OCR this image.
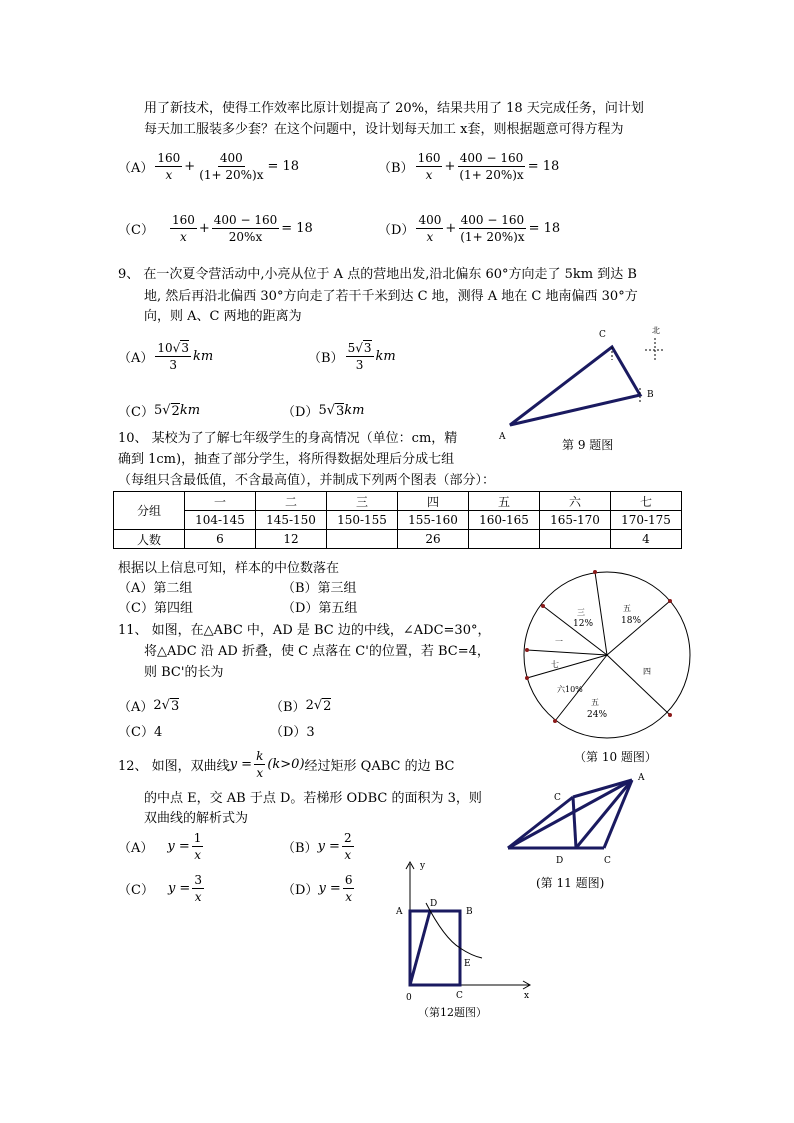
用了新技术，使得工作效率比原计划提高了 20%，结果共用了 18 天完成任务，问计划
每天加工服装多少套？在这个问题中，设计划每天加工 x套，则根据题意可得方程为
$(A) \frac{160}{x} + \frac{400}{(1+ 20\%)x} = 18$	$(B) \frac{160}{x} + \frac{400 - 160}{(1+ 20\%)x} = 18$
$(C) \frac{160}{x} + \frac{400 - 160}{20\%x} = 18$	$(D) \frac{400}{x} + \frac{400 - 160}{(1+ 20\%)x} = 18$
9、 在一次夏令营活动中,小亮从位于 A 点的营地出发,沿北偏东 60°方向走了 5km 到达 B
地, 然后再沿北偏西 30°方向走了若干千米到达 C 地，测得 A 地在 C 地南偏西 30°方
向，则 A、C 两地的距离为
$(A) \frac{10√3}{3}$ km	$(B) \frac{5√3}{3}$ km
（C） 5 √ 2 km	（D） 5 √ 3 km
C
B
A
北
第 9 题图
10、 某校为了了解七年级学生的身高情况（单位：cm，精
确到 1cm)，抽查了部分学生，将所得数据处理后分成七组
（每组只含最低值，不含最高值），并制成下列两个图表（部分）：
分组	一	二	三	四	五	六	七
	104-145	145-150	150-155	155-160	160-165	165-170	170-175
人数	6	12		26			4
根据以上信息可知，样本的中位数落在
（A）第二组	（B）第三组
（C）第四组	（D）第五组	三
12%
五
18%
一
七
六10%
五
24%
四
（第 10 题图）
11、 如图，在△ABC 中，AD 是 BC 边的中线，∠ADC=30°，
将△ADC 沿 AD 折叠，使 C 点落在 C'的位置，若 BC=4，
则 BC'的长为
（A） 2 √ 3	（B） 2 √ 2
（C）4	（D）3
A
C
D	C
(第 11 题图)
12、 如图，双曲线 $y = \frac{k}{x} (k>0)$ 经过矩形 QABC 的边 BC
的中点 E，交 AB 于点 D。若梯形 ODBC 的面积为 3，则
双曲线的解析式为
（A） $y = \frac{1}{x}$	（B） $y = \frac{2}{x}$
（C） $y = \frac{3}{x}$	（D） $y = \frac{6}{x}$
y
x
A
D
B
E
0	C
（第12题图）
